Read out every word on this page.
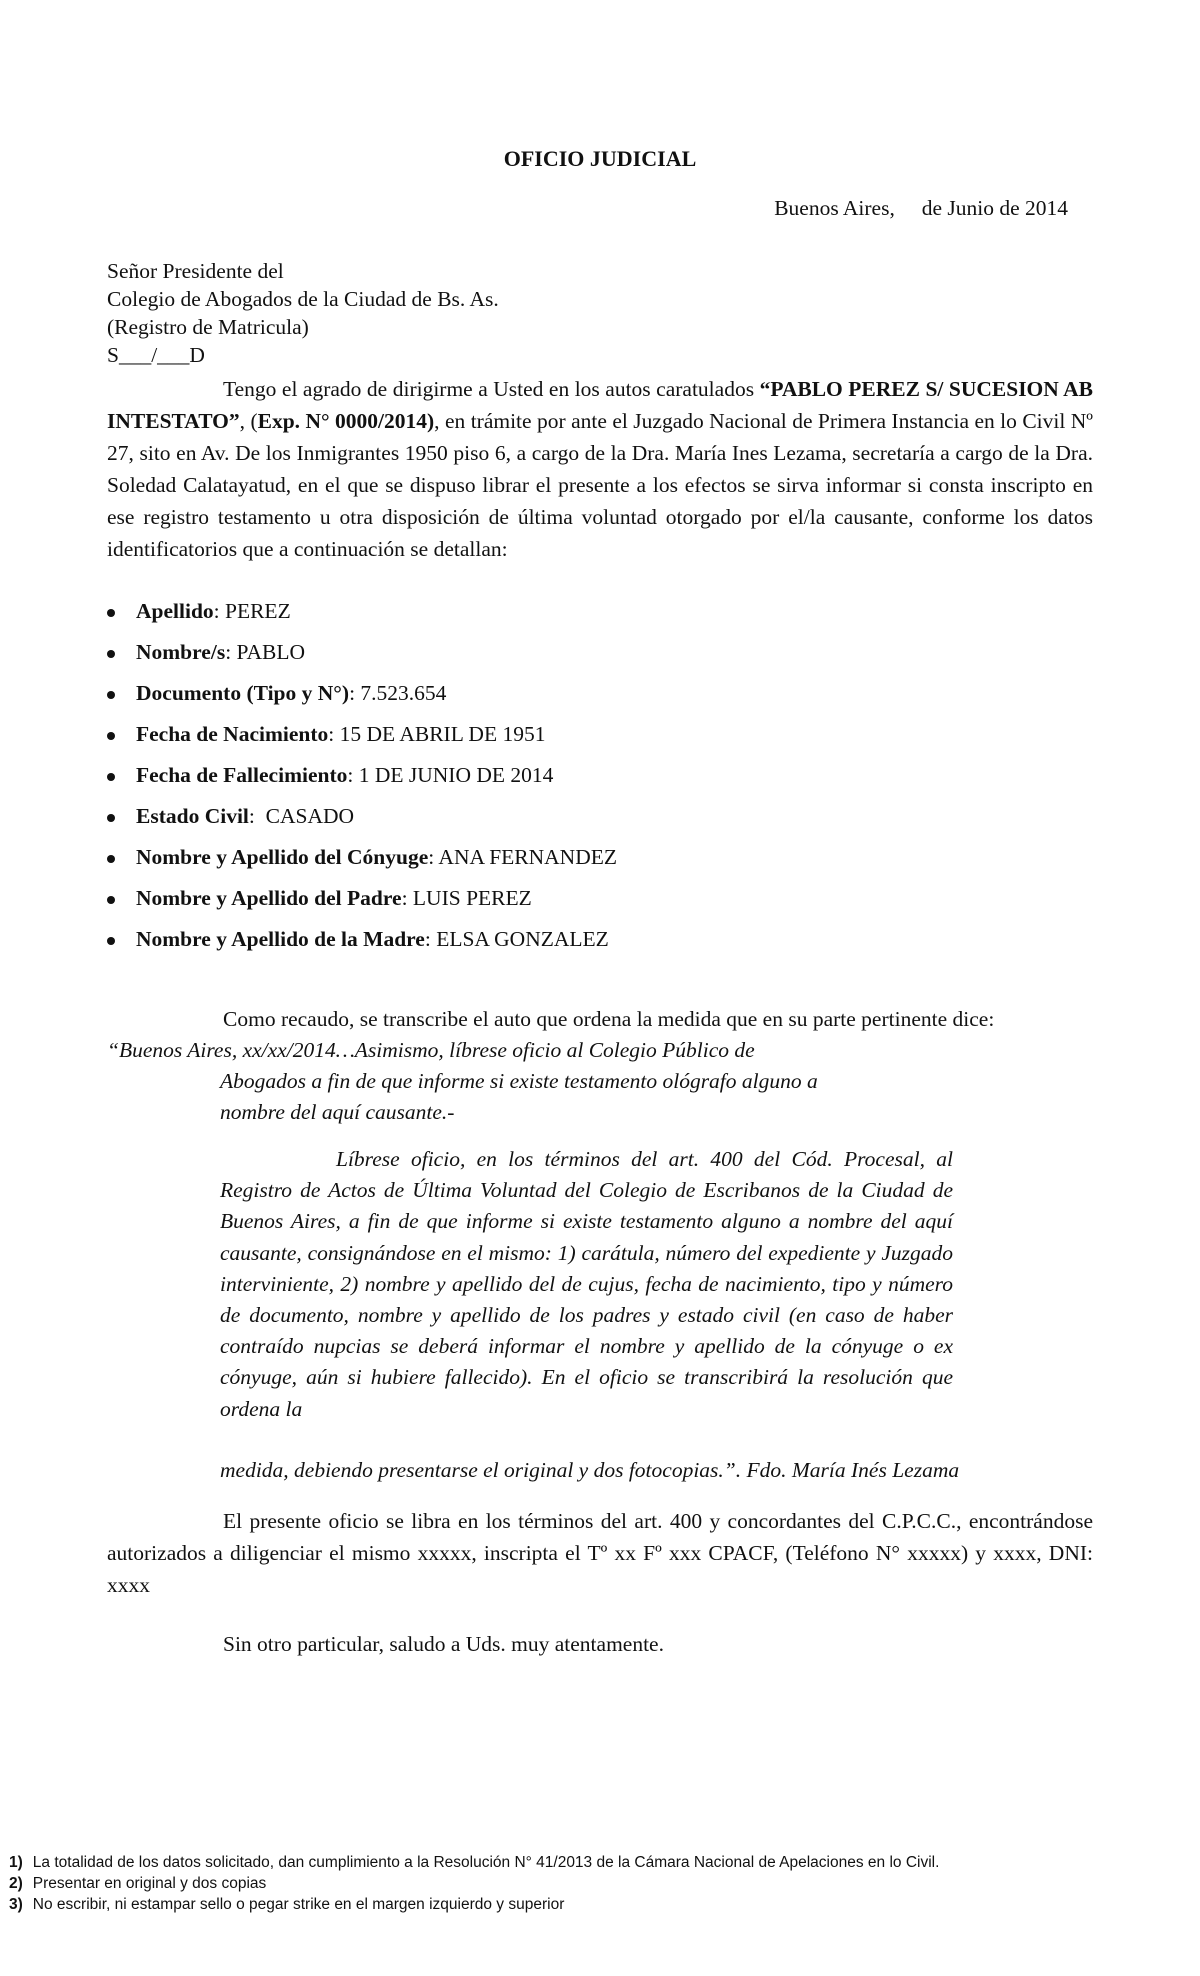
OFICIO JUDICIAL
Buenos Aires,     de Junio de 2014
Señor Presidente del
Colegio de Abogados de la Ciudad de Bs. As.
(Registro de Matricula)
S___/___D
Tengo el agrado de dirigirme a Usted en los autos caratulados “PABLO PEREZ S/ SUCESION AB INTESTATO”, (Exp. N° 0000/2014), en trámite por ante el Juzgado Nacional de Primera Instancia en lo Civil Nº 27, sito en Av. De los Inmigrantes 1950 piso 6, a cargo de la Dra. María Ines Lezama, secretaría a cargo de la Dra. Soledad Calatayatud, en el que se dispuso librar el presente a los efectos se sirva informar si consta inscripto en ese registro testamento u otra disposición de última voluntad otorgado por el/la causante, conforme los datos identificatorios que a continuación se detallan:
Apellido: PEREZ
Nombre/s: PABLO
Documento (Tipo y N°): 7.523.654
Fecha de Nacimiento: 15 DE ABRIL DE 1951
Fecha de Fallecimiento: 1 DE JUNIO DE 2014
Estado Civil:  CASADO
Nombre y Apellido del Cónyuge: ANA FERNANDEZ
Nombre y Apellido del Padre: LUIS PEREZ
Nombre y Apellido de la Madre: ELSA GONZALEZ
Como recaudo, se transcribe el auto que ordena la medida que en su parte pertinente dice:
“Buenos Aires, xx/xx/2014…Asimismo, líbrese oficio al Colegio Público de
Abogados a fin de que informe si existe testamento ológrafo alguno a
nombre del aquí causante.-
Líbrese oficio, en los términos del art. 400 del Cód. Procesal, al Registro de Actos de Última Voluntad del Colegio de Escribanos de la Ciudad de Buenos Aires, a fin de que informe si existe testamento alguno a nombre del aquí causante, consignándose en el mismo: 1) carátula, número del expediente y Juzgado interviniente, 2) nombre y apellido del de cujus, fecha de nacimiento, tipo y número de documento, nombre y apellido de los padres y estado civil (en caso de haber contraído nupcias se deberá informar el nombre y apellido de la cónyuge o ex cónyuge, aún si hubiere fallecido). En el oficio se transcribirá la resolución que ordena la
medida, debiendo presentarse el original y dos fotocopias.”. Fdo. María Inés Lezama
El presente oficio se libra en los términos del art. 400 y concordantes del C.P.C.C., encontrándose autorizados a diligenciar el mismo xxxxx, inscripta el Tº xx Fº xxx CPACF, (Teléfono N° xxxxx) y xxxx, DNI: xxxx
Sin otro particular, saludo a Uds. muy atentamente.
1) La totalidad de los datos solicitado, dan cumplimiento a la Resolución N° 41/2013 de la Cámara Nacional de Apelaciones en lo Civil.
2) Presentar en original y dos copias
3) No escribir, ni estampar sello o pegar strike en el margen izquierdo y superior
